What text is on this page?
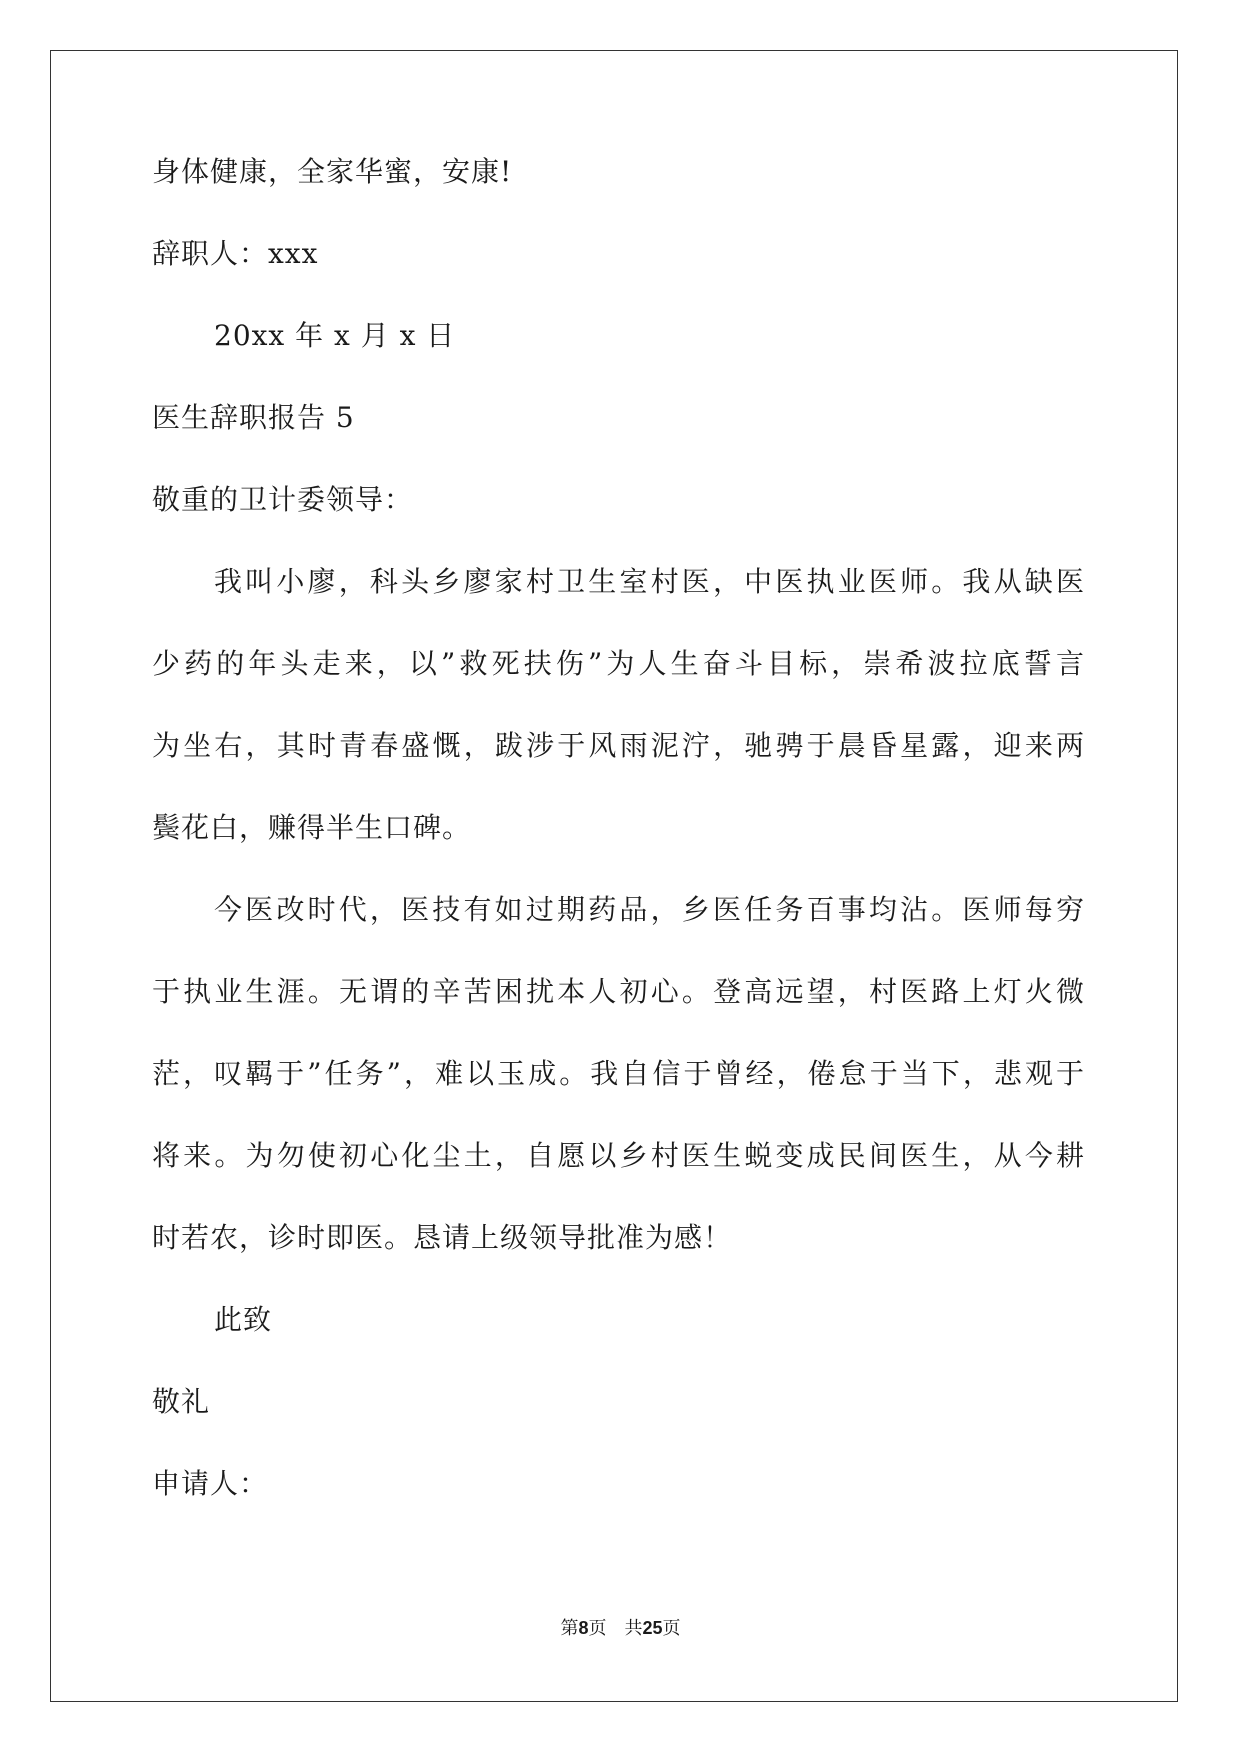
身体健康，全家华蜜，安康!
辞职人：xxx
20xx 年 x 月 x 日
医生辞职报告 5
敬重的卫计委领导：
我叫小廖，科头乡廖家村卫生室村医，中医执业医师。我从缺医
少药的年头走来，以”救死扶伤”为人生奋斗目标，崇希波拉底誓言
为坐右，其时青春盛慨，跋涉于风雨泥泞，驰骋于晨昏星露，迎来两
鬓花白，赚得半生口碑。
今医改时代，医技有如过期药品，乡医任务百事均沾。医师每穷
于执业生涯。无谓的辛苦困扰本人初心。登高远望，村医路上灯火微
茫，叹羁于”任务”，难以玉成。我自信于曾经，倦怠于当下，悲观于
将来。为勿使初心化尘土，自愿以乡村医生蜕变成民间医生，从今耕
时若农，诊时即医。恳请上级领导批准为感！
此致
敬礼
申请人：
第8页 共25页
